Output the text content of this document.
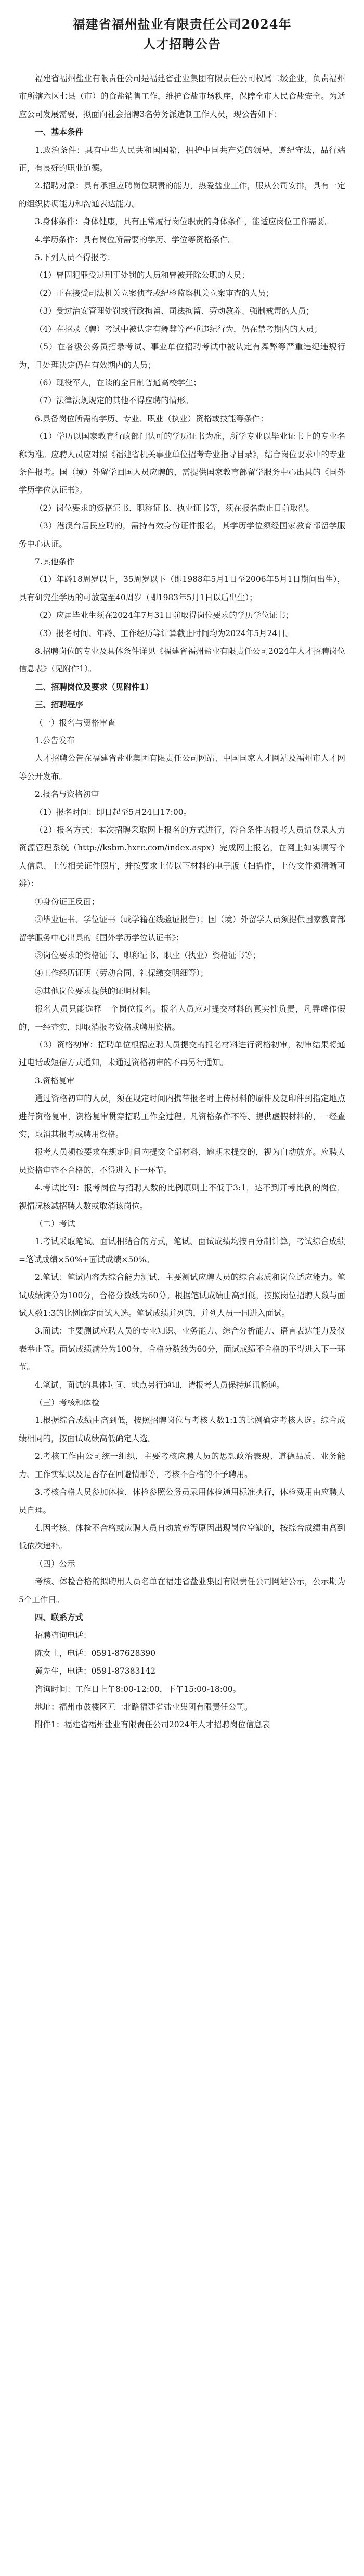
福建省福州盐业有限责任公司2024年
人才招聘公告

福建省福州盐业有限责任公司是福建省盐业集团有限责任公司权属二级企业，负责福州市所辖六区七县（市）的食盐销售工作，维护食盐市场秩序，保障全市人民食盐安全。为适应公司发展需要，拟面向社会招聘3名劳务派遣制工作人员，现公告如下：

一、基本条件

1.政治条件：具有中华人民共和国国籍，拥护中国共产党的领导，遵纪守法，品行端正，有良好的职业道德。

2.招聘对象：具有承担应聘岗位职责的能力，热爱盐业工作，服从公司安排，具有一定的组织协调能力和沟通表达能力。

3.身体条件：身体健康，具有正常履行岗位职责的身体条件，能适应岗位工作需要。

4.学历条件：具有岗位所需要的学历、学位等资格条件。

5.下列人员不得报考：

（1）曾因犯罪受过刑事处罚的人员和曾被开除公职的人员；

（2）正在接受司法机关立案侦查或纪检监察机关立案审查的人员；

（3）受过治安管理处罚或行政拘留、司法拘留、劳动教养、强制戒毒的人员；

（4）在招录（聘）考试中被认定有舞弊等严重违纪行为，仍在禁考期内的人员；

（5）在各级公务员招录考试、事业单位招聘考试中被认定有舞弊等严重违纪违规行为，且处理决定仍在有效期内的人员；

（6）现役军人，在读的全日制普通高校学生；

（7）法律法规规定的其他不得应聘的情形。

6.具备岗位所需的学历、专业、职业（执业）资格或技能等条件：

（1）学历以国家教育行政部门认可的学历证书为准，所学专业以毕业证书上的专业名称为准。应聘人员应对照《福建省机关事业单位招考专业指导目录》，结合岗位要求中的专业条件报考。国（境）外留学回国人员应聘的，需提供国家教育部留学服务中心出具的《国外学历学位认证书》。

（2）岗位要求的资格证书、职称证书、执业证书等，须在报名截止日前取得。

（3）港澳台居民应聘的，需持有效身份证件报名，其学历学位须经国家教育部留学服务中心认证。

7.其他条件

（1）年龄18周岁以上，35周岁以下（即1988年5月1日至2006年5月1日期间出生），具有研究生学历的可放宽至40周岁（即1983年5月1日以后出生）；

（2）应届毕业生须在2024年7月31日前取得岗位要求的学历学位证书；

（3）报名时间、年龄、工作经历等计算截止时间均为2024年5月24日。

8.招聘岗位的专业及具体条件详见《福建省福州盐业有限责任公司2024年人才招聘岗位信息表》（见附件1）。

二、招聘岗位及要求（见附件1）

三、招聘程序

（一）报名与资格审查

1.公告发布

人才招聘公告在福建省盐业集团有限责任公司网站、中国国家人才网站及福州市人才网等公开发布。

2.报名与资格初审

（1）报名时间：即日起至5月24日17:00。

（2）报名方式：本次招聘采取网上报名的方式进行，符合条件的报考人员请登录人力资源管理系统（http://ksbm.hxrc.com/index.aspx）完成网上报名，在网上如实填写个人信息、上传相关证件照片，并按要求上传以下材料的电子版（扫描件，上传文件须清晰可辨）：

①身份证正反面；

②毕业证书、学位证书（或学籍在线验证报告）；国（境）外留学人员须提供国家教育部留学服务中心出具的《国外学历学位认证书》；

③岗位要求的资格证书、职称证书、职业（执业）资格证书等；

④工作经历证明（劳动合同、社保缴交明细等）；

⑤其他岗位要求提供的证明材料。

报名人员只能选择一个岗位报名。报名人员应对提交材料的真实性负责，凡弄虚作假的，一经查实，即取消报考资格或聘用资格。

（3）资格初审：招聘单位根据应聘人员提交的报名材料进行资格初审，初审结果将通过电话或短信方式通知，未通过资格初审的不再另行通知。

3.资格复审

通过资格初审的人员，须在规定时间内携带报名时上传材料的原件及复印件到指定地点进行资格复审，资格复审贯穿招聘工作全过程。凡资格条件不符、提供虚假材料的，一经查实，取消其报考或聘用资格。

报考人员须按要求在规定时间内提交全部材料，逾期未提交的，视为自动放弃。应聘人员资格审查不合格的，不得进入下一环节。

4.考试比例：报考岗位与招聘人数的比例原则上不低于3:1，达不到开考比例的岗位，视情况核减招聘人数或取消该岗位。

（二）考试

1.考试采取笔试、面试相结合的方式，笔试、面试成绩均按百分制计算，考试综合成绩=笔试成绩×50%+面试成绩×50%。

2.笔试：笔试内容为综合能力测试，主要测试应聘人员的综合素质和岗位适应能力。笔试成绩满分为100分，合格分数线为60分。根据笔试成绩由高到低，按照岗位招聘人数与面试人数1:3的比例确定面试人选。笔试成绩并列的，并列人员一同进入面试。

3.面试：主要测试应聘人员的专业知识、业务能力、综合分析能力、语言表达能力及仪表举止等。面试成绩满分为100分，合格分数线为60分，面试成绩不合格的不得进入下一环节。

4.笔试、面试的具体时间、地点另行通知，请报考人员保持通讯畅通。

（三）考核和体检

1.根据综合成绩由高到低，按照招聘岗位与考核人数1:1的比例确定考核人选。综合成绩相同的，按面试成绩高低确定人选。

2.考核工作由公司统一组织，主要考核应聘人员的思想政治表现、道德品质、业务能力、工作实绩以及是否存在回避情形等，考核不合格的不予聘用。

3.考核合格人员参加体检，体检参照公务员录用体检通用标准执行，体检费用由应聘人员自理。

4.因考核、体检不合格或应聘人员自动放弃等原因出现岗位空缺的，按综合成绩由高到低依次递补。

（四）公示

考核、体检合格的拟聘用人员名单在福建省盐业集团有限责任公司网站公示，公示期为5个工作日。

四、联系方式

招聘咨询电话：

陈女士，电话：0591-87628390

黄先生，电话：0591-87383142

咨询时间：工作日上午8:00-12:00，下午15:00-18:00。

地址：福州市鼓楼区五一北路福建省盐业集团有限责任公司。

附件1：福建省福州盐业有限责任公司2024年人才招聘岗位信息表
